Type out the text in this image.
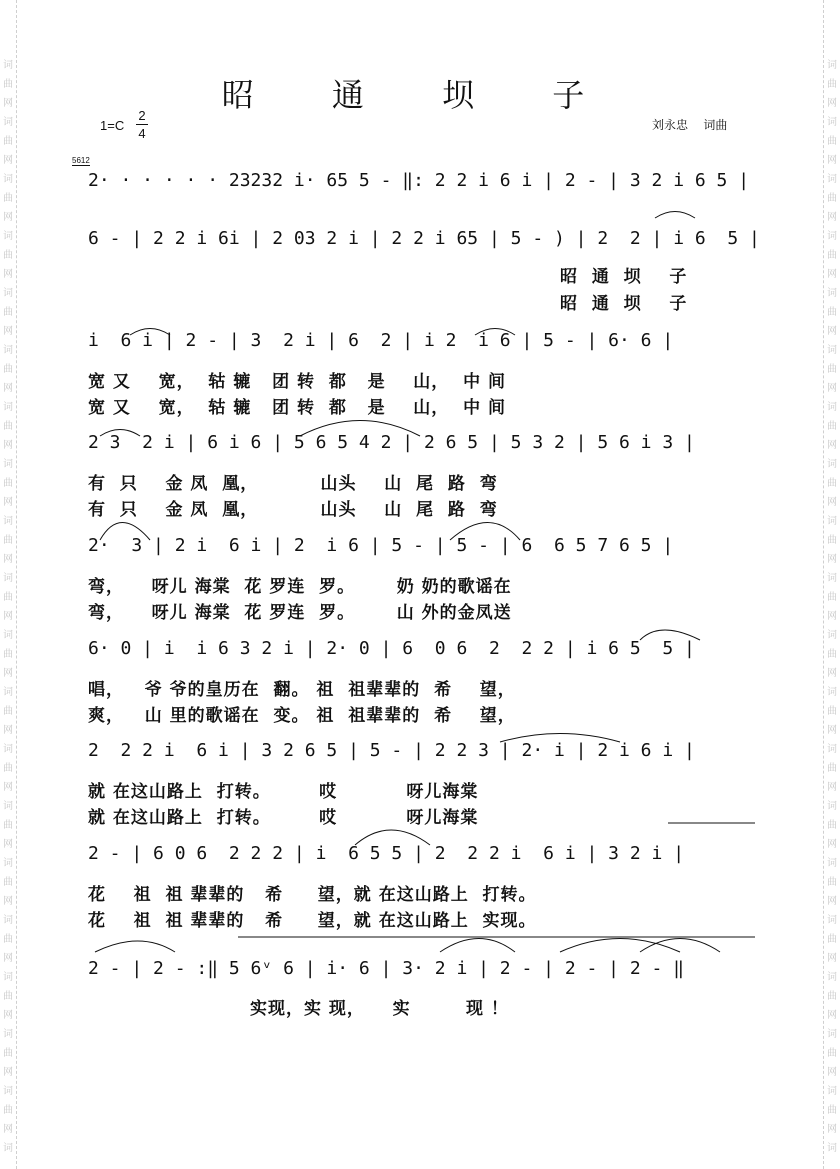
词
曲
网
词
曲
网
词
曲
网
词
曲
网
词
曲
网
词
曲
网
词
曲
网
词
曲
网
词
曲
网
词
曲
网
词
曲
网
词
曲
网
词
曲
网
词
曲
网
词
曲
网
词
曲
网
词
曲
网
词
曲
网
词
曲
网
词
词
曲
网
词
曲
网
词
曲
网
词
曲
网
词
曲
网
词
曲
网
词
曲
网
词
曲
网
词
曲
网
词
曲
网
词
曲
网
词
曲
网
词
曲
网
词
曲
网
词
曲
网
词
曲
网
词
曲
网
词
曲
网
词
曲
网
词
昭 通 坝 子
1=C
2
4
刘永忠 词曲
5612
2· · · · · · 23232 i· 65 5 - ‖: 2 2 i 6 i | 2 - | 3 2 i 6 5 |
6 - | 2 2 i 6i | 2 03 2 i | 2 2 i 65 | 5 - ) | 2  2 | i 6  5 |
昭  通  坝    子
昭  通  坝    子
i  6 i | 2 - | 3  2 i | 6  2 | i 2  i 6 | 5 - | 6· 6 |
宽 又    宽，  轱 辘   团 转  都   是    山，  中 间
宽 又    宽，  轱 辘   团 转  都   是    山，  中 间
2 3  2 i | 6 i 6 | 5 6 5 4 2 | 2 6 5 | 5 3 2 | 5 6 i 3 |
有  只    金 凤  凰，         山头    山  尾  路  弯
有  只    金 凤  凰，         山头    山  尾  路  弯
2·  3 | 2 i  6 i | 2  i 6 | 5 - | 5 - | 6  6 5 7 6 5 |
弯，    呀儿 海棠  花 罗连  罗。      奶 奶的歌谣在
弯，    呀儿 海棠  花 罗连  罗。      山 外的金凤送
6· 0 | i  i 6 3 2 i | 2· 0 | 6  0 6  2  2 2 | i 6 5  5 |
唱，   爷 爷的皇历在  翻。 祖  祖辈辈的  希    望，
爽，   山 里的歌谣在  变。 祖  祖辈辈的  希    望，
2  2 2 i  6 i | 3 2 6 5 | 5 - | 2 2 3 | 2· i | 2 i 6 i |
就 在这山路上  打转。       哎          呀儿海棠
就 在这山路上  打转。       哎          呀儿海棠
2 - | 6 0 6  2 2 2 | i  6 5 5 | 2  2 2 i  6 i | 3 2 i |
花    祖  祖 辈辈的   希     望，就 在这山路上  打转。
花    祖  祖 辈辈的   希     望，就 在这山路上  实现。
2 - | 2 - :‖ 5 6ᵛ 6 | i· 6 | 3· 2 i | 2 - | 2 - | 2 - ‖
实现，实 现，    实        现 ！
